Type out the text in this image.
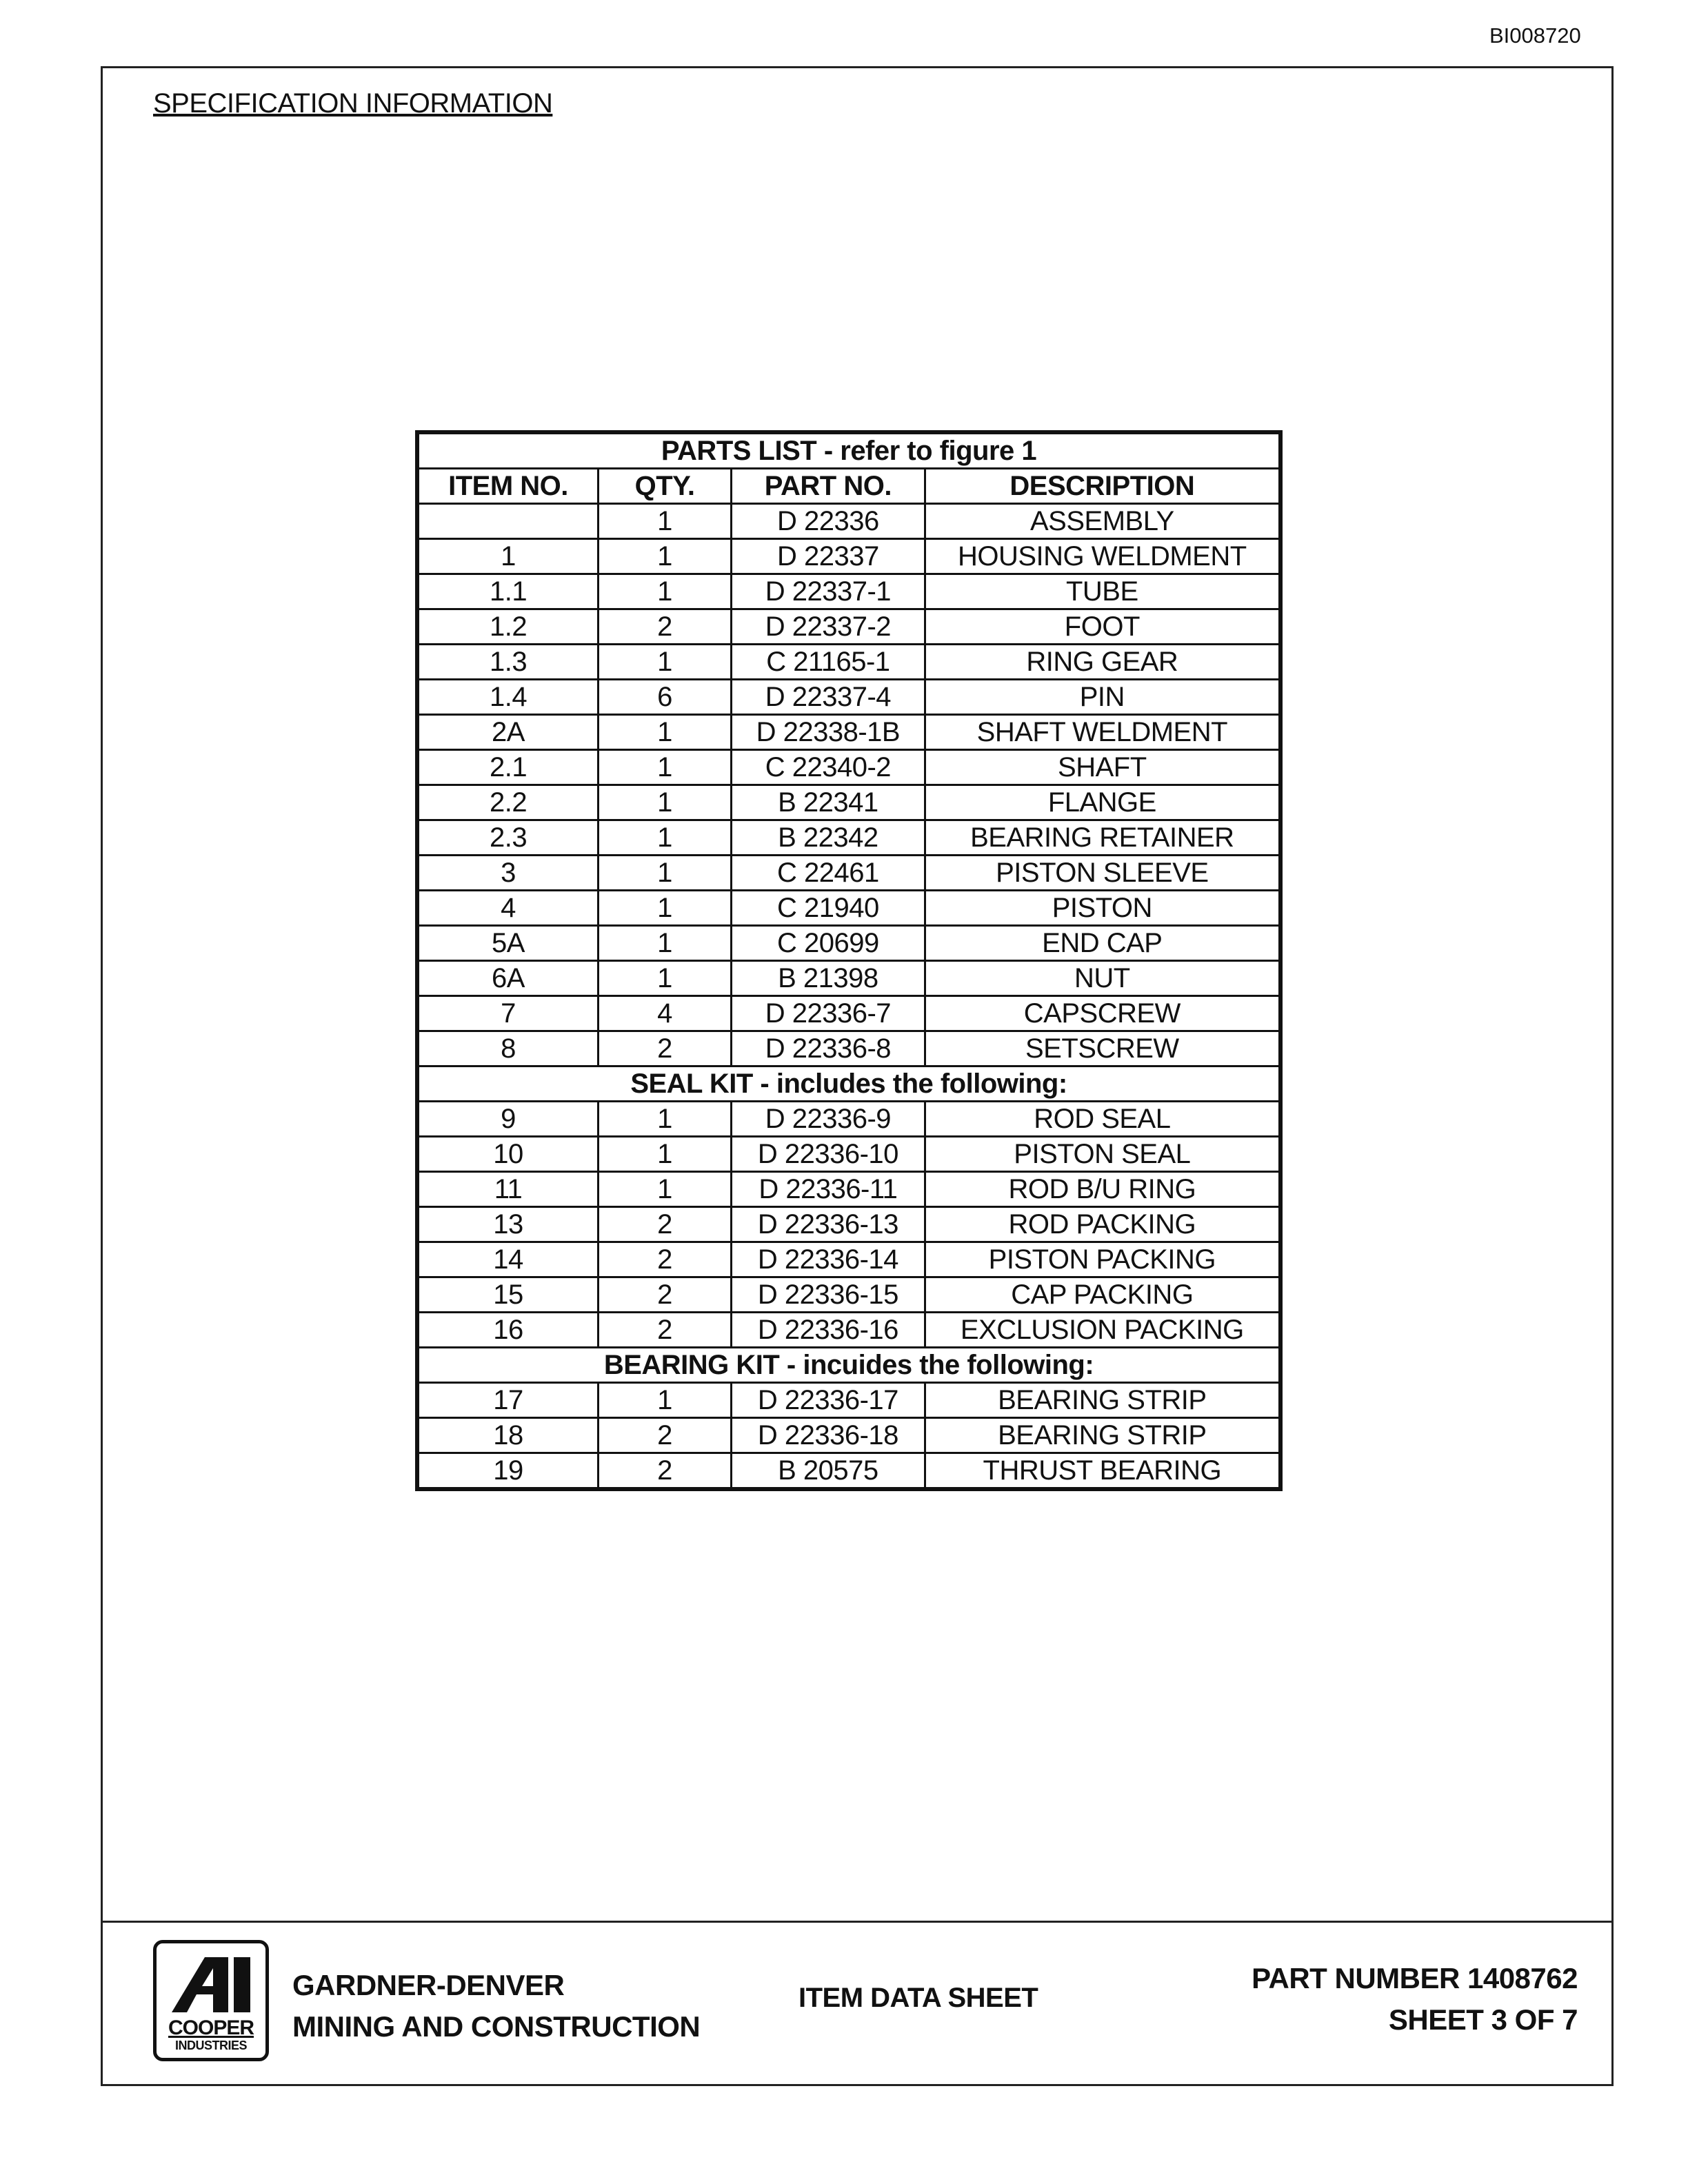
BI008720
SPECIFICATION INFORMATION
PARTS LIST - refer to figure 1			
ITEM NO.	QTY.	PART NO.	DESCRIPTION
	1	D 22336	ASSEMBLY
1	1	D 22337	HOUSING WELDMENT
1.1	1	D 22337-1	TUBE
1.2	2	D 22337-2	FOOT
1.3	1	C 21165-1	RING GEAR
1.4	6	D 22337-4	PIN
2A	1	D 22338-1B	SHAFT WELDMENT
2.1	1	C 22340-2	SHAFT
2.2	1	B 22341	FLANGE
2.3	1	B 22342	BEARING RETAINER
3	1	C 22461	PISTON SLEEVE
4	1	C 21940	PISTON
5A	1	C 20699	END CAP
6A	1	B 21398	NUT
7	4	D 22336-7	CAPSCREW
8	2	D 22336-8	SETSCREW
SEAL KIT - includes the following:			
9	1	D 22336-9	ROD SEAL
10	1	D 22336-10	PISTON SEAL
11	1	D 22336-11	ROD B/U RING
13	2	D 22336-13	ROD PACKING
14	2	D 22336-14	PISTON PACKING
15	2	D 22336-15	CAP PACKING
16	2	D 22336-16	EXCLUSION PACKING
BEARING KIT - incuides the following:			
17	1	D 22336-17	BEARING STRIP
18	2	D 22336-18	BEARING STRIP
19	2	B 20575	THRUST BEARING
COOPER
INDUSTRIES
GARDNER-DENVER
MINING AND CONSTRUCTION
ITEM DATA SHEET
PART NUMBER 1408762
SHEET 3 OF 7
